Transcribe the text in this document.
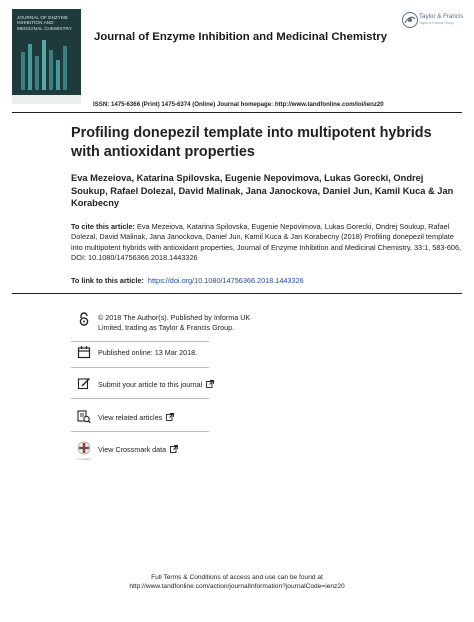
JOURNAL OF ENZYME INHIBITION AND MEDICINAL CHEMISTRY
Journal of Enzyme Inhibition and Medicinal Chemistry
Taylor & Francis
Taylor & Francis Group
ISSN: 1475-6366 (Print) 1475-6374 (Online) Journal homepage: http://www.tandfonline.com/loi/ienz20
Profiling donepezil template into multipotent hybrids with antioxidant properties
Eva Mezeiova, Katarina Spilovska, Eugenie Nepovimova, Lukas Gorecki, Ondrej Soukup, Rafael Dolezal, David Malinak, Jana Janockova, Daniel Jun, Kamil Kuca & Jan Korabecny
To cite this article: Eva Mezeiova, Katarina Spilovska, Eugenie Nepovimova, Lukas Gorecki, Ondrej Soukup, Rafael Dolezal, David Malinak, Jana Janockova, Daniel Jun, Kamil Kuca & Jan Korabecny (2018) Profiling donepezil template into multipotent hybrids with antioxidant properties, Journal of Enzyme Inhibition and Medicinal Chemistry, 33:1, 583-606, DOI: 10.1080/14756366.2018.1443326
To link to this article: https://doi.org/10.1080/14756366.2018.1443326
© 2018 The Author(s). Published by Informa UK Limited, trading as Taylor & Francis Group.
Published online: 13 Mar 2018.
Submit your article to this journal
View related articles
CrossMark
View Crossmark data
Full Terms & Conditions of access and use can be found at
http://www.tandfonline.com/action/journalInformation?journalCode=ienz20
